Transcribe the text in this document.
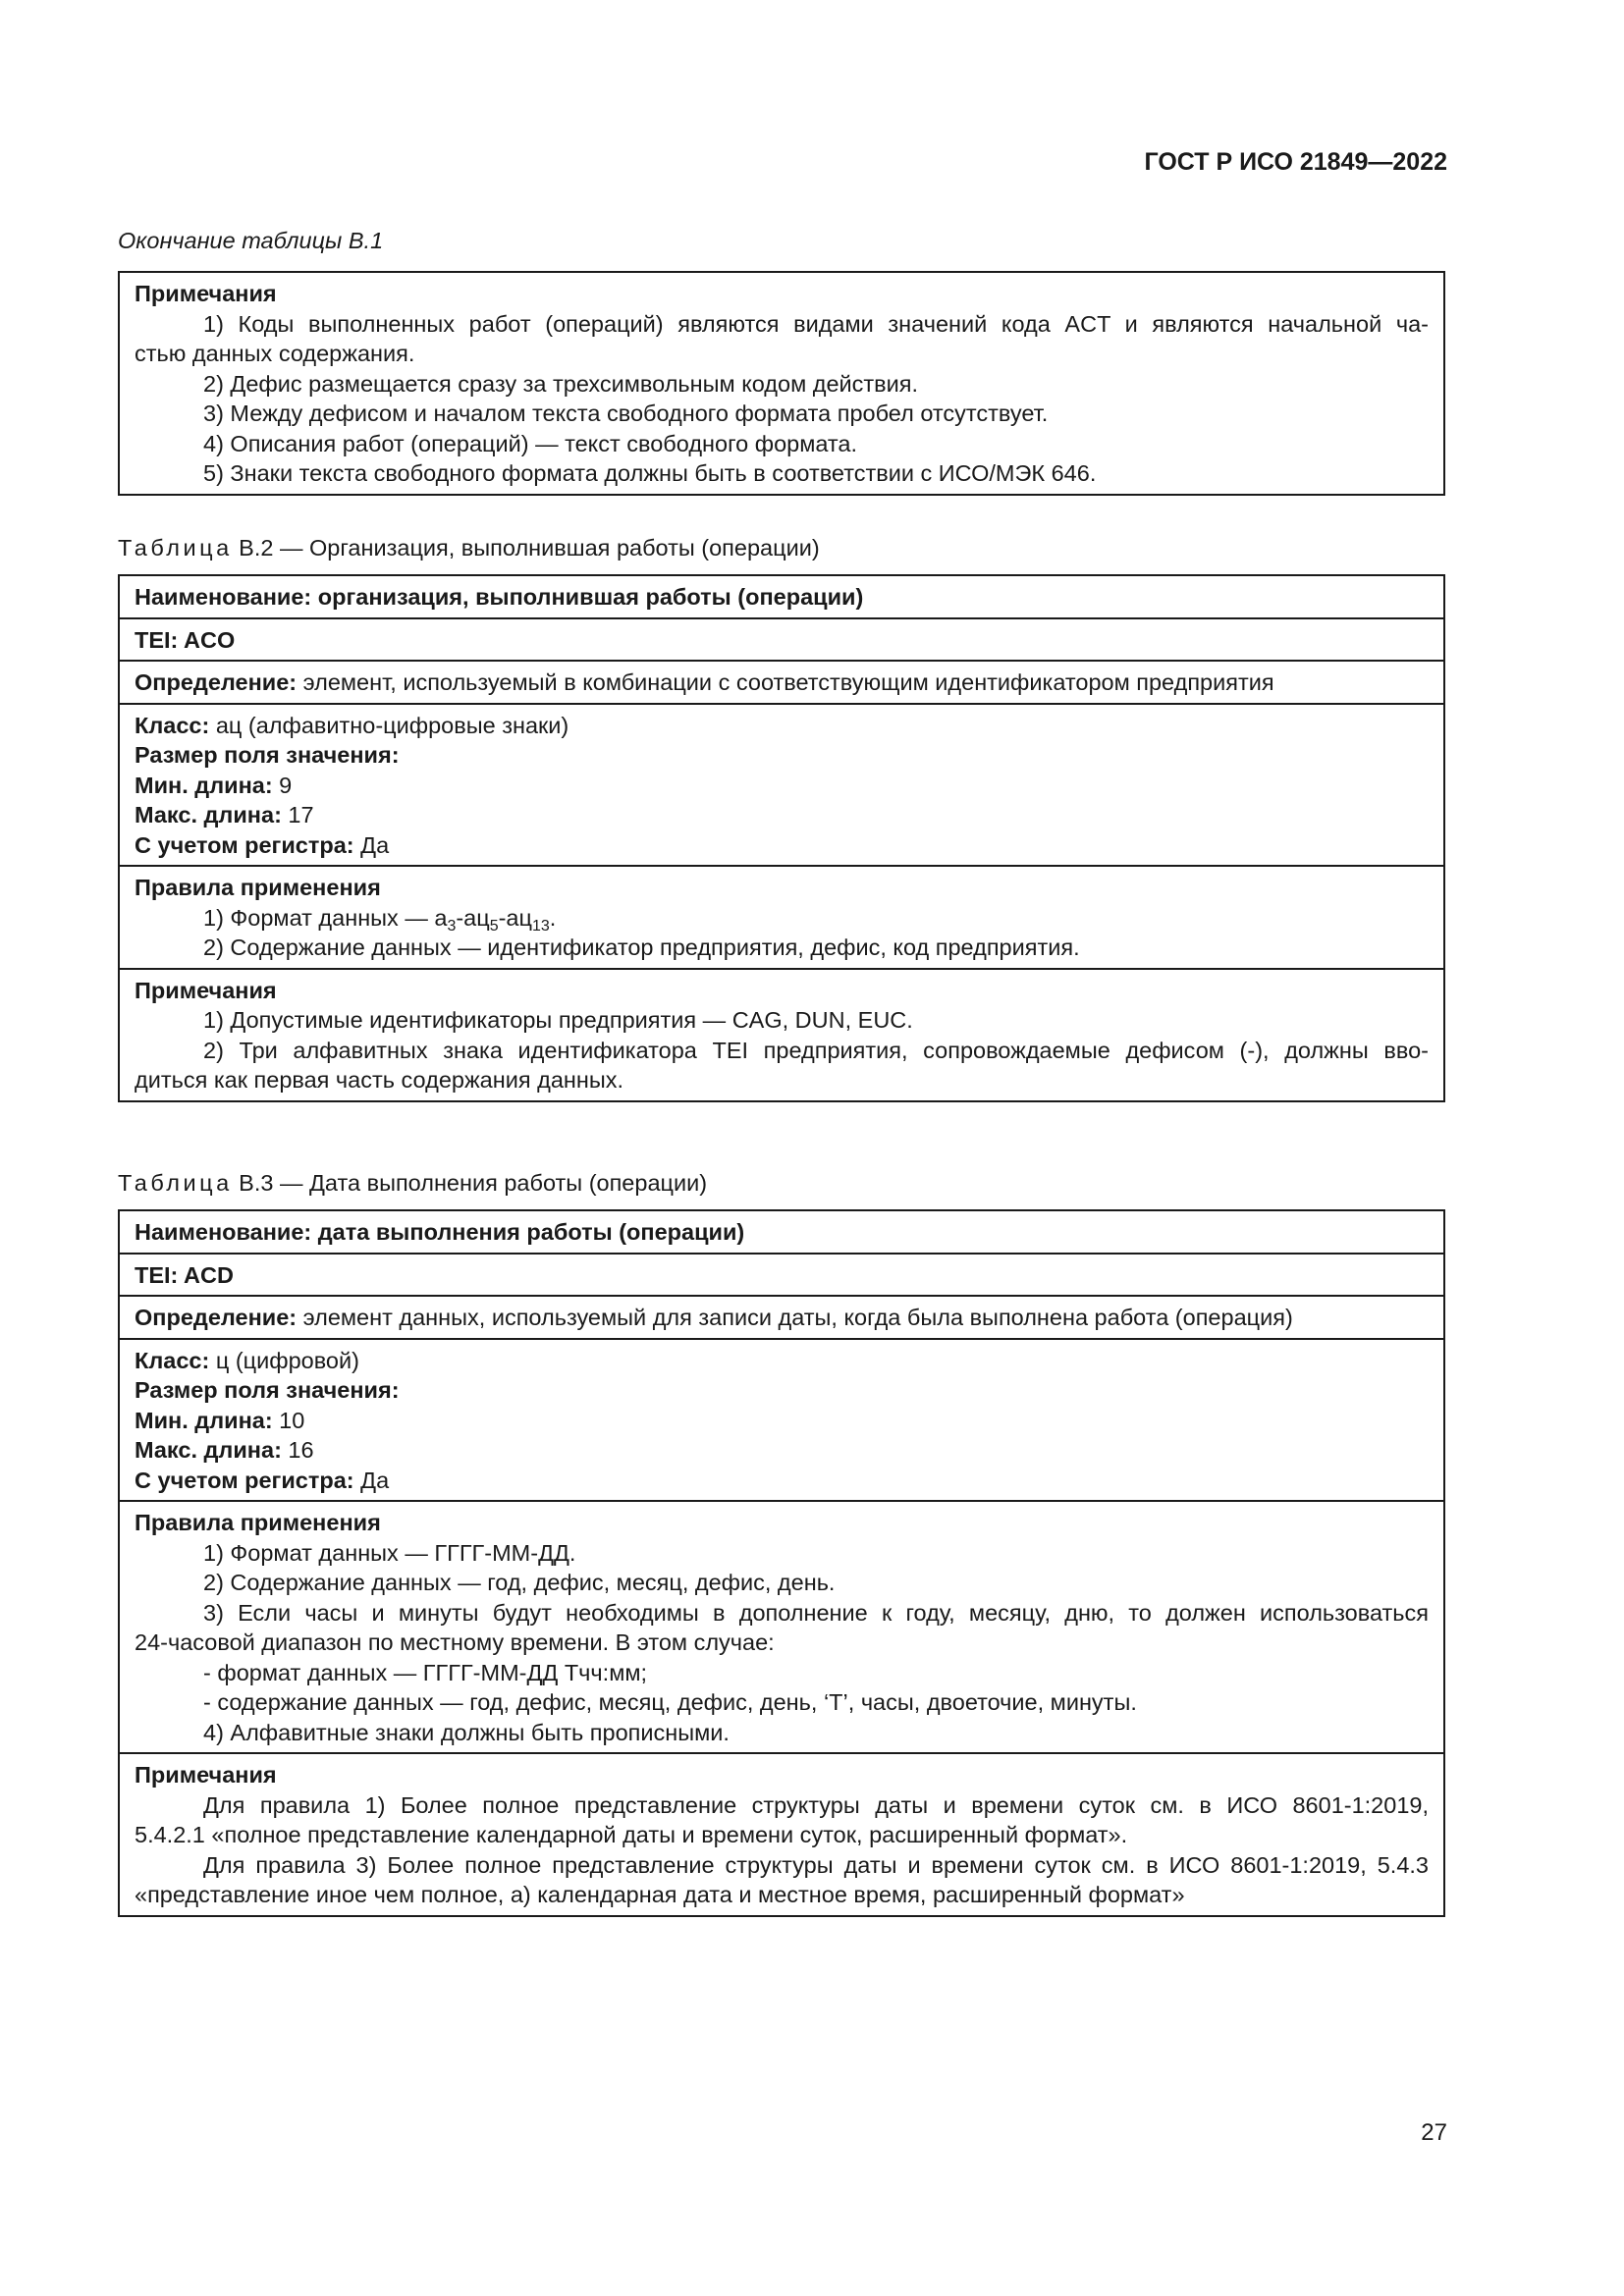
ГОСТ Р ИСО 21849—2022
Окончание таблицы В.1
Примечания
1) Коды выполненных работ (операций) являются видами значений кода ACT и являются начальной ча-
стью данных содержания.
2) Дефис размещается сразу за трехсимвольным кодом действия.
3) Между дефисом и началом текста свободного формата пробел отсутствует.
4) Описания работ (операций) — текст свободного формата.
5) Знаки текста свободного формата должны быть в соответствии с ИСО/МЭК 646.
Таблица В.2 — Организация, выполнившая работы (операции)
Наименование: организация, выполнившая работы (операции)
TEI: ACO
Определение: элемент, используемый в комбинации с соответствующим идентификатором предприятия
Класс: ац (алфавитно-цифровые знаки)
Размер поля значения:
Мин. длина: 9
Макс. длина: 17
С учетом регистра: Да
Правила применения
1) Формат данных — $а_3-ац_5-ац_{13}$.
2) Содержание данных — идентификатор предприятия, дефис, код предприятия.
Примечания
1) Допустимые идентификаторы предприятия — CAG, DUN, EUC.
2) Три алфавитных знака идентификатора TEI предприятия, сопровождаемые дефисом (-), должны вво-
диться как первая часть содержания данных.
Таблица В.3 — Дата выполнения работы (операции)
Наименование: дата выполнения работы (операции)
TEI: ACD
Определение: элемент данных, используемый для записи даты, когда была выполнена работа (операция)
Класс: ц (цифровой)
Размер поля значения:
Мин. длина: 10
Макс. длина: 16
С учетом регистра: Да
Правила применения
1) Формат данных — ГГГГ-ММ-ДД.
2) Содержание данных — год, дефис, месяц, дефис, день.
3) Если часы и минуты будут необходимы в дополнение к году, месяцу, дню, то должен использоваться
24-часовой диапазон по местному времени. В этом случае:
- формат данных — ГГГГ-ММ-ДД Тчч:мм;
- содержание данных — год, дефис, месяц, дефис, день, ‘T’, часы, двоеточие, минуты.
4) Алфавитные знаки должны быть прописными.
Примечания
Для правила 1) Более полное представление структуры даты и времени суток см. в ИСО 8601-1:2019,
5.4.2.1 «полное представление календарной даты и времени суток, расширенный формат».
Для правила 3) Более полное представление структуры даты и времени суток см. в ИСО 8601-1:2019, 5.4.3
«представление иное чем полное, а) календарная дата и местное время, расширенный формат»
27
